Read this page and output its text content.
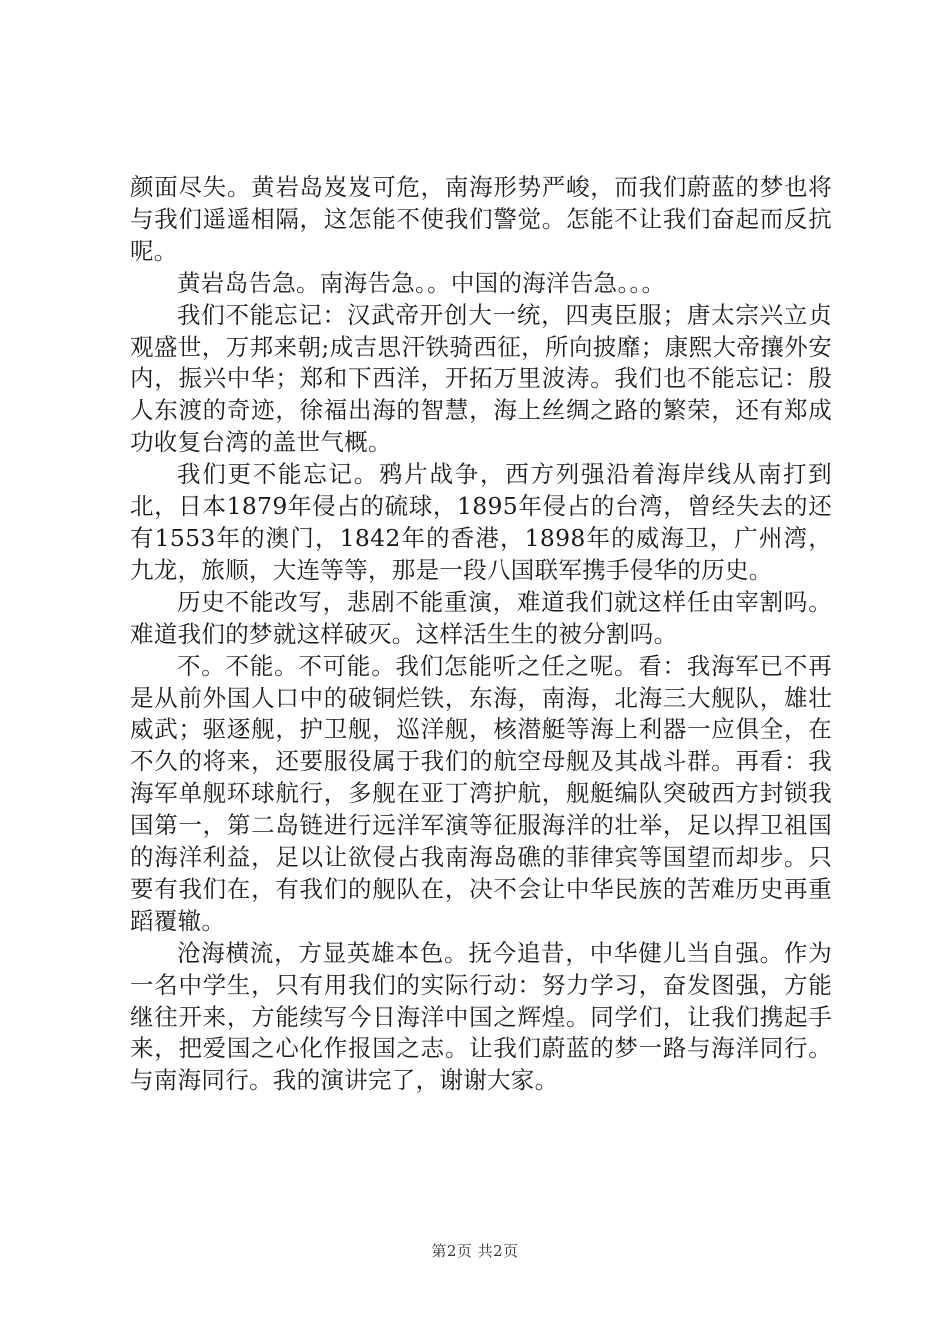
颜面尽失。黄岩岛岌岌可危，南海形势严峻，而我们蔚蓝的梦也将与我们遥遥相隔，这怎能不使我们警觉。怎能不让我们奋起而反抗呢。

黄岩岛告急。南海告急。。中国的海洋告急。。。

我们不能忘记：汉武帝开创大一统，四夷臣服；唐太宗兴立贞观盛世，万邦来朝;成吉思汗铁骑西征，所向披靡；康熙大帝攘外安内，振兴中华；郑和下西洋，开拓万里波涛。我们也不能忘记：殷人东渡的奇迹，徐福出海的智慧，海上丝绸之路的繁荣，还有郑成功收复台湾的盖世气概。

我们更不能忘记。鸦片战争，西方列强沿着海岸线从南打到北，日本1879年侵占的硫球，1895年侵占的台湾，曾经失去的还有1553年的澳门，1842年的香港，1898年的威海卫，广州湾，九龙，旅顺，大连等等，那是一段八国联军携手侵华的历史。

历史不能改写，悲剧不能重演，难道我们就这样任由宰割吗。难道我们的梦就这样破灭。这样活生生的被分割吗。

不。不能。不可能。我们怎能听之任之呢。看：我海军已不再是从前外国人口中的破铜烂铁，东海，南海，北海三大舰队，雄壮威武；驱逐舰，护卫舰，巡洋舰，核潜艇等海上利器一应俱全，在不久的将来，还要服役属于我们的航空母舰及其战斗群。再看：我海军单舰环球航行，多舰在亚丁湾护航，舰艇编队突破西方封锁我国第一，第二岛链进行远洋军演等征服海洋的壮举，足以捍卫祖国的海洋利益，足以让欲侵占我南海岛礁的菲律宾等国望而却步。只要有我们在，有我们的舰队在，决不会让中华民族的苦难历史再重蹈覆辙。

沧海横流，方显英雄本色。抚今追昔，中华健儿当自强。作为一名中学生，只有用我们的实际行动：努力学习，奋发图强，方能继往开来，方能续写今日海洋中国之辉煌。同学们，让我们携起手来，把爱国之心化作报国之志。让我们蔚蓝的梦一路与海洋同行。与南海同行。我的演讲完了，谢谢大家。

第2页 共2页
